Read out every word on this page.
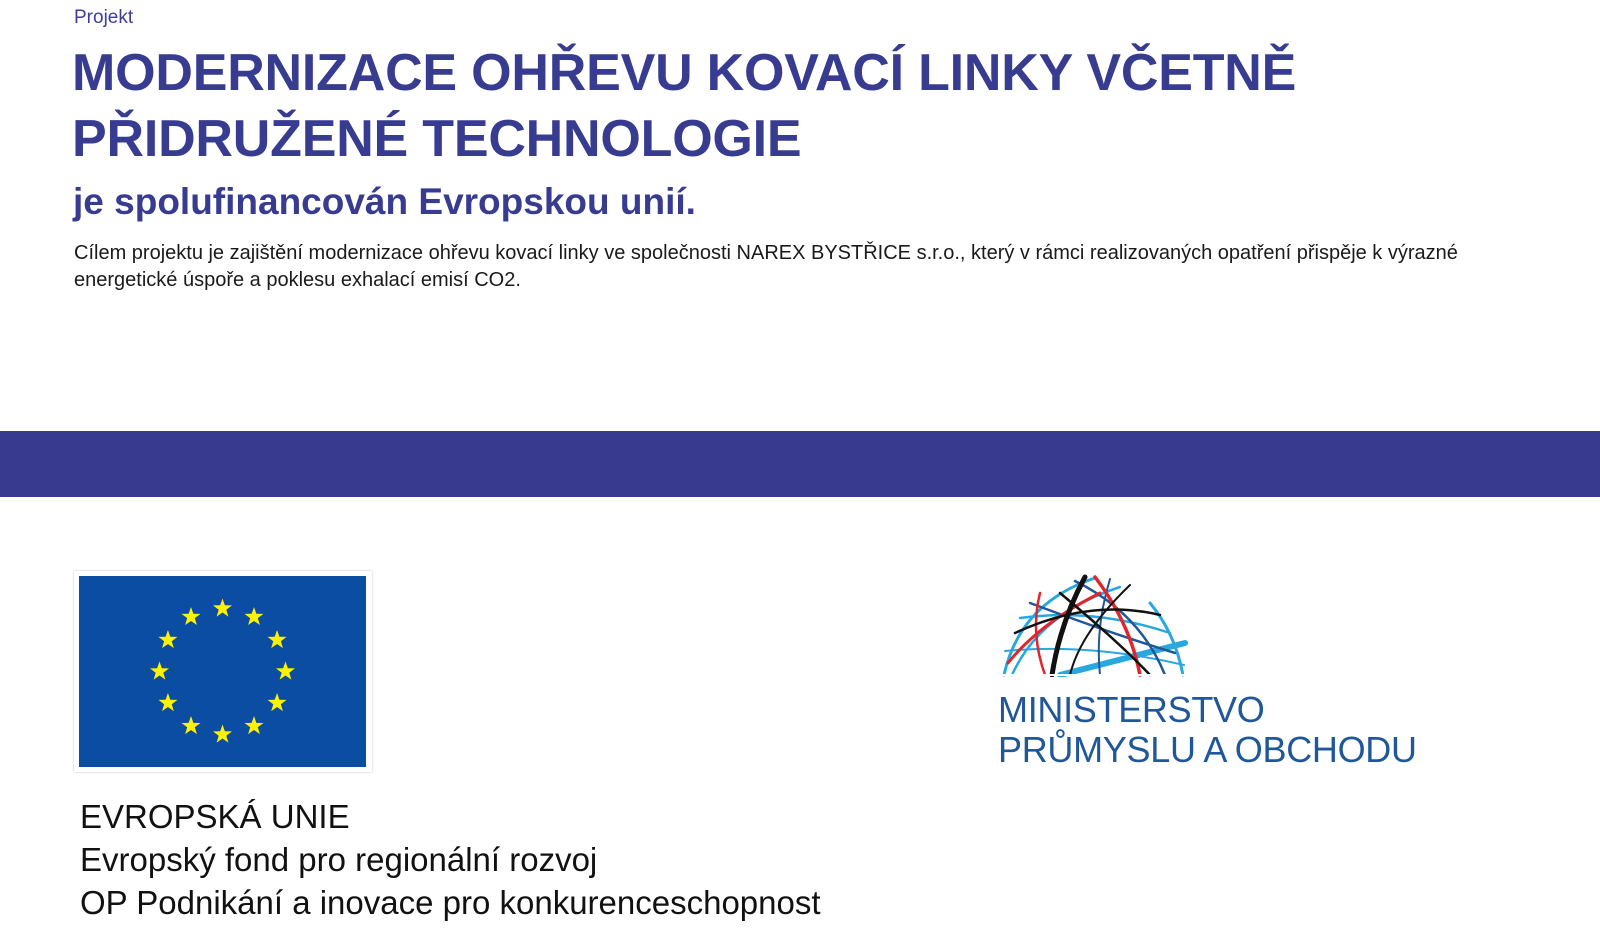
Projekt
MODERNIZACE OHŘEVU KOVACÍ LINKY VČETNĚ
PŘIDRUŽENÉ TECHNOLOGIE
je spolufinancován Evropskou unií.
Cílem projektu je zajištění modernizace ohřevu kovací linky ve společnosti NAREX BYSTŘICE s.r.o., který v rámci realizovaných opatření přispěje k výrazné energetické úspoře a poklesu exhalací emisí CO2.
EVROPSKÁ UNIE
Evropský fond pro regionální rozvoj
OP Podnikání a inovace pro konkurenceschopnost
MINISTERSTVO
PRŮMYSLU A OBCHODU
